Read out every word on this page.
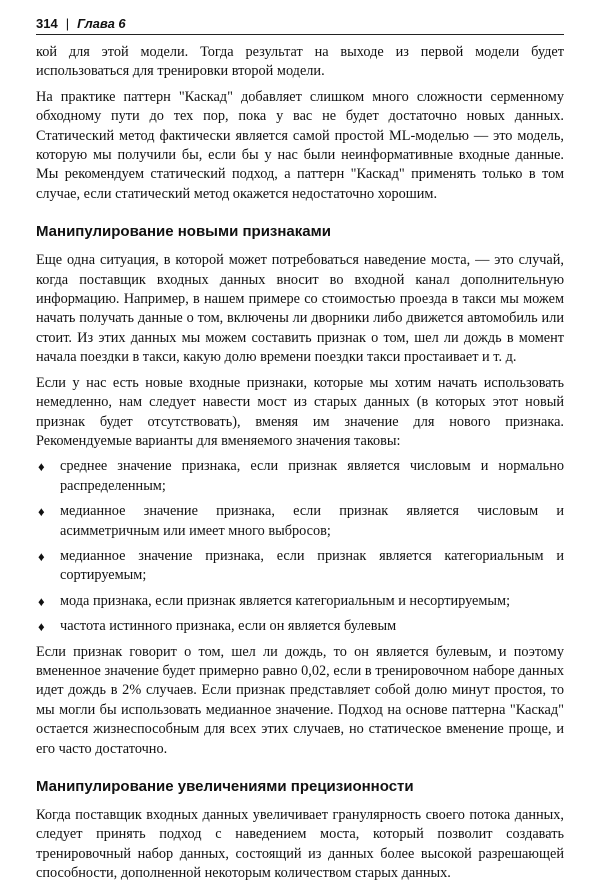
314 | Глава 6

кой для этой модели. Тогда результат на выходе из первой модели будет использоваться для тренировки второй модели.

На практике паттерн "Каскад" добавляет слишком много сложности серменному обходному пути до тех пор, пока у вас не будет достаточно новых данных. Статический метод фактически является самой простой ML-моделью — это модель, которую мы получили бы, если бы у нас были неинформативные входные данные. Мы рекомендуем статический подход, а паттерн "Каскад" применять только в том случае, если статический метод окажется недостаточно хорошим.

Манипулирование новыми признаками

Еще одна ситуация, в которой может потребоваться наведение моста, — это случай, когда поставщик входных данных вносит во входной канал дополнительную информацию. Например, в нашем примере со стоимостью проезда в такси мы можем начать получать данные о том, включены ли дворники либо движется автомобиль или стоит. Из этих данных мы можем составить признак о том, шел ли дождь в момент начала поездки в такси, какую долю времени поездки такси простаивает и т. д.

Если у нас есть новые входные признаки, которые мы хотим начать использовать немедленно, нам следует навести мост из старых данных (в которых этот новый признак будет отсутствовать), вменяя им значение для нового признака. Рекомендуемые варианты для вменяемого значения таковы:

♦ среднее значение признака, если признак является числовым и нормально распределенным;
♦ медианное значение признака, если признак является числовым и асимметричным или имеет много выбросов;
♦ медианное значение признака, если признак является категориальным и сортируемым;
♦ мода признака, если признак является категориальным и несортируемым;
♦ частота истинного признака, если он является булевым

Если признак говорит о том, шел ли дождь, то он является булевым, и поэтому вмененное значение будет примерно равно 0,02, если в тренировочном наборе данных идет дождь в 2% случаев. Если признак представляет собой долю минут простоя, то мы могли бы использовать медианное значение. Подход на основе паттерна "Каскад" остается жизнеспособным для всех этих случаев, но статическое вменение проще, и его часто достаточно.

Манипулирование увеличениями прецизионности

Когда поставщик входных данных увеличивает гранулярность своего потока данных, следует принять подход с наведением моста, который позволит создавать тренировочный набор данных, состоящий из данных более высокой разрешающей способности, дополненной некоторым количеством старых данных.
